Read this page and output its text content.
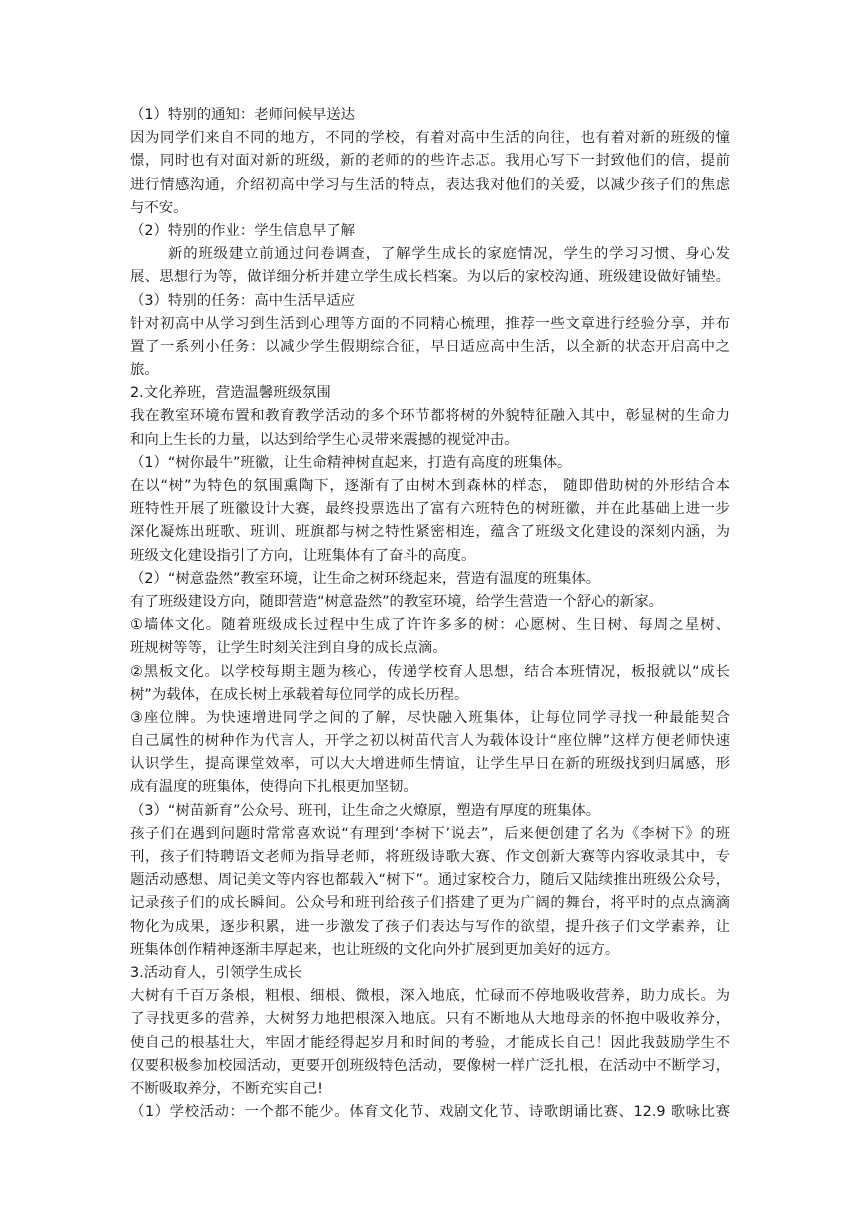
（1）特别的通知：老师问候早送达
因为同学们来自不同的地方，不同的学校，有着对高中生活的向往，也有着对新的班级的憧
憬，同时也有对面对新的班级，新的老师的的些许忐忑。我用心写下一封致他们的信，提前
进行情感沟通，介绍初高中学习与生活的特点，表达我对他们的关爱，以减少孩子们的焦虑
与不安。
（2）特别的作业：学生信息早了解
新的班级建立前通过问卷调查，了解学生成长的家庭情况，学生的学习习惯、身心发
展、思想行为等，做详细分析并建立学生成长档案。为以后的家校沟通、班级建设做好铺垫。
（3）特别的任务：高中生活早适应
针对初高中从学习到生活到心理等方面的不同精心梳理，推荐一些文章进行经验分享，并布
置了一系列小任务：以减少学生假期综合征，早日适应高中生活，以全新的状态开启高中之
旅。
2.文化养班，营造温馨班级氛围
我在教室环境布置和教育教学活动的多个环节都将树的外貌特征融入其中，彰显树的生命力
和向上生长的力量，以达到给学生心灵带来震撼的视觉冲击。
（1）“树你最牛”班徽，让生命精神树直起来，打造有高度的班集体。
在以“树”为特色的氛围熏陶下，逐渐有了由树木到森林的样态， 随即借助树的外形结合本
班特性开展了班徽设计大赛，最终投票选出了富有六班特色的树班徽，并在此基础上进一步
深化凝炼出班歌、班训、班旗都与树之特性紧密相连，蕴含了班级文化建设的深刻内涵，为
班级文化建设指引了方向，让班集体有了奋斗的高度。
（2）“树意盎然”教室环境，让生命之树环绕起来，营造有温度的班集体。
有了班级建设方向，随即营造“树意盎然”的教室环境，给学生营造一个舒心的新家。
①墙体文化。随着班级成长过程中生成了许许多多的树：心愿树、生日树、每周之星树、
班规树等等，让学生时刻关注到自身的成长点滴。
②黑板文化。以学校每期主题为核心，传递学校育人思想，结合本班情况，板报就以“成长
树”为载体，在成长树上承载着每位同学的成长历程。
③座位牌。为快速增进同学之间的了解，尽快融入班集体，让每位同学寻找一种最能契合
自己属性的树种作为代言人，开学之初以树苗代言人为载体设计“座位牌”这样方便老师快速
认识学生，提高课堂效率，可以大大增进师生情谊，让学生早日在新的班级找到归属感，形
成有温度的班集体，使得向下扎根更加坚韧。
（3）“树苗新育”公众号、班刊，让生命之火燎原，塑造有厚度的班集体。
孩子们在遇到问题时常常喜欢说“有理到‘李树下’说去”，后来便创建了名为《李树下》的班
刊，孩子们特聘语文老师为指导老师，将班级诗歌大赛、作文创新大赛等内容收录其中，专
题活动感想、周记美文等内容也都载入“树下”。通过家校合力，随后又陆续推出班级公众号，
记录孩子们的成长瞬间。公众号和班刊给孩子们搭建了更为广阔的舞台，将平时的点点滴滴
物化为成果，逐步积累，进一步激发了孩子们表达与写作的欲望，提升孩子们文学素养，让
班集体创作精神逐渐丰厚起来，也让班级的文化向外扩展到更加美好的远方。
3.活动育人，引领学生成长
大树有千百万条根，粗根、细根、微根，深入地底，忙碌而不停地吸收营养，助力成长。为
了寻找更多的营养，大树努力地把根深入地底。只有不断地从大地母亲的怀抱中吸收养分，
使自己的根基壮大，牢固才能经得起岁月和时间的考验，才能成长自己！因此我鼓励学生不
仅要积极参加校园活动，更要开创班级特色活动，要像树一样广泛扎根，在活动中不断学习，
不断吸取养分，不断充实自己!
（1）学校活动：一个都不能少。体育文化节、戏剧文化节、诗歌朗诵比赛、12.9 歌咏比赛
